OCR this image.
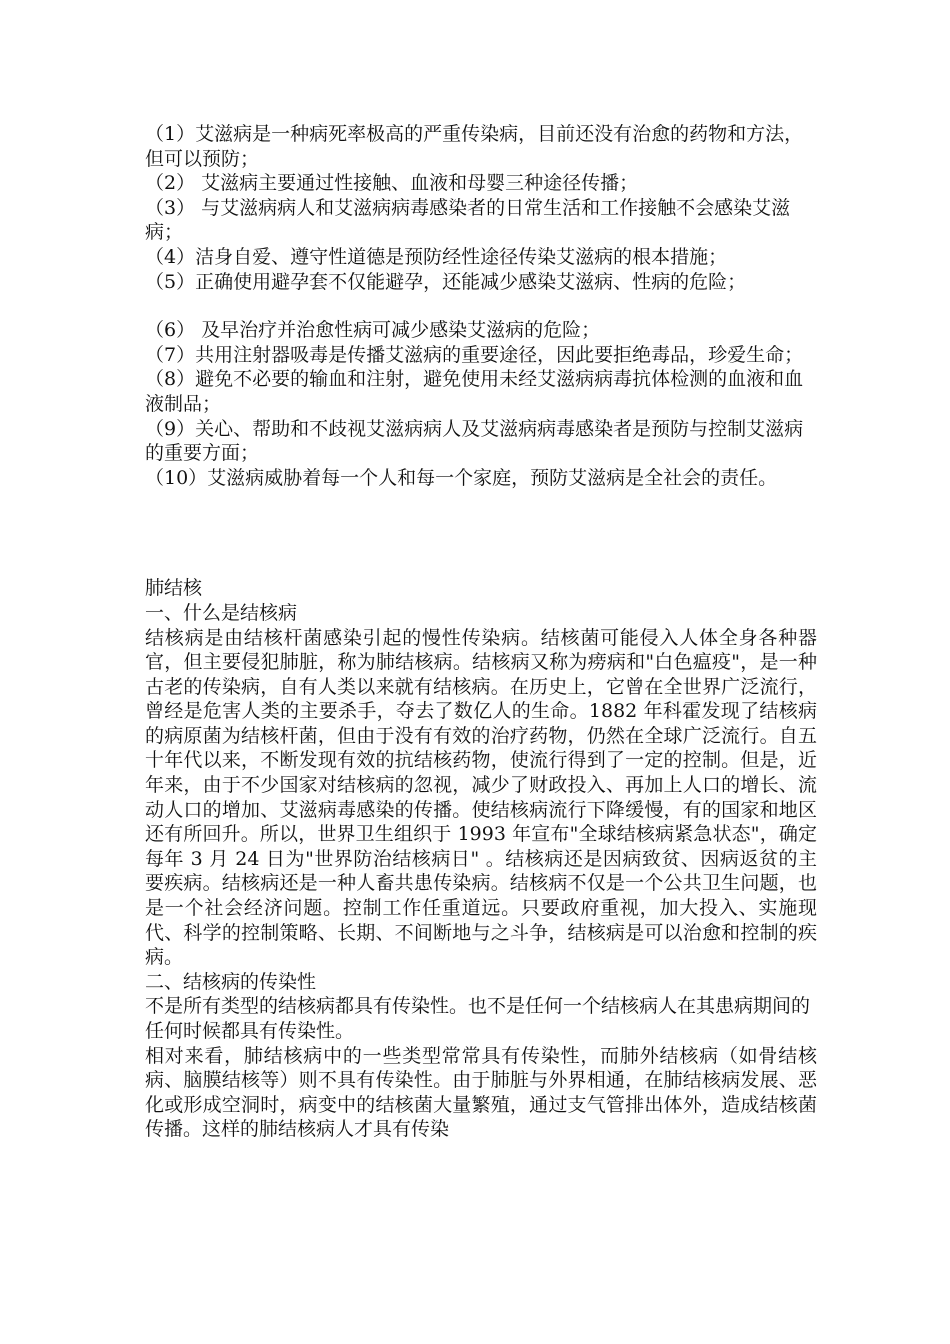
（1）艾滋病是一种病死率极高的严重传染病，目前还没有治愈的药物和方法，但可以预防；

（2） 艾滋病主要通过性接触、血液和母婴三种途径传播；

（3） 与艾滋病病人和艾滋病病毒感染者的日常生活和工作接触不会感染艾滋病；

（4）洁身自爱、遵守性道德是预防经性途径传染艾滋病的根本措施；

（5）正确使用避孕套不仅能避孕，还能减少感染艾滋病、性病的危险；

（6） 及早治疗并治愈性病可减少感染艾滋病的危险；

（7）共用注射器吸毒是传播艾滋病的重要途径，因此要拒绝毒品，珍爱生命；

（8）避免不必要的输血和注射，避免使用未经艾滋病病毒抗体检测的血液和血液制品；

（9）关心、帮助和不歧视艾滋病病人及艾滋病病毒感染者是预防与控制艾滋病的重要方面；

（10）艾滋病威胁着每一个人和每一个家庭，预防艾滋病是全社会的责任。

肺结核

一、什么是结核病

结核病是由结核杆菌感染引起的慢性传染病。结核菌可能侵入人体全身各种器官，但主要侵犯肺脏，称为肺结核病。结核病又称为痨病和"白色瘟疫"，是一种古老的传染病，自有人类以来就有结核病。在历史上，它曾在全世界广泛流行，曾经是危害人类的主要杀手，夺去了数亿人的生命。1882 年科霍发现了结核病的病原菌为结核杆菌，但由于没有有效的治疗药物，仍然在全球广泛流行。自五十年代以来，不断发现有效的抗结核药物，使流行得到了一定的控制。但是，近年来，由于不少国家对结核病的忽视，减少了财政投入、再加上人口的增长、流动人口的增加、艾滋病毒感染的传播。使结核病流行下降缓慢，有的国家和地区还有所回升。所以，世界卫生组织于 1993 年宣布"全球结核病紧急状态"，确定每年 3 月 24 日为"世界防治结核病日" 。结核病还是因病致贫、因病返贫的主要疾病。结核病还是一种人畜共患传染病。结核病不仅是一个公共卫生问题，也是一个社会经济问题。控制工作任重道远。只要政府重视，加大投入、实施现代、科学的控制策略、长期、不间断地与之斗争，结核病是可以治愈和控制的疾病。

二、结核病的传染性

不是所有类型的结核病都具有传染性。也不是任何一个结核病人在其患病期间的任何时候都具有传染性。

相对来看，肺结核病中的一些类型常常具有传染性，而肺外结核病（如骨结核病、脑膜结核等）则不具有传染性。由于肺脏与外界相通，在肺结核病发展、恶化或形成空洞时，病变中的结核菌大量繁殖，通过支气管排出体外，造成结核菌传播。这样的肺结核病人才具有传染
